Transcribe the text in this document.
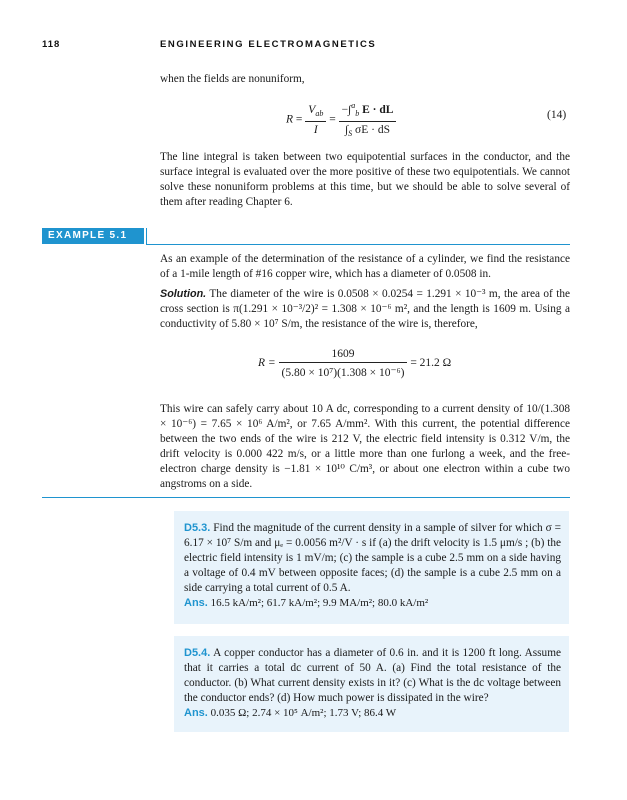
118	ENGINEERING ELECTROMAGNETICS

when the fields are nonuniform,

$R = \frac{V_{ab}}{I} = \frac{-\int^a_b E \cdot dL}{\int_S \sigma E \cdot dS}$	(14)

The line integral is taken between two equipotential surfaces in the conductor, and the surface integral is evaluated over the more positive of these two equipotentials. We cannot solve these nonuniform problems at this time, but we should be able to solve several of them after reading Chapter 6.

EXAMPLE 5.1

As an example of the determination of the resistance of a cylinder, we find the resistance of a 1-mile length of #16 copper wire, which has a diameter of 0.0508 in.

Solution. The diameter of the wire is 0.0508 × 0.0254 = 1.291 × 10⁻³ m, the area of the cross section is π(1.291 × 10⁻³/2)² = 1.308 × 10⁻⁶ m², and the length is 1609 m. Using a conductivity of 5.80 × 10⁷ S/m, the resistance of the wire is, therefore,

$R = \frac{1609}{\text{(5.80 × 10⁷)(1.308 × 10⁻⁶)}} = 21.2$ Ω

This wire can safely carry about 10 A dc, corresponding to a current density of 10/(1.308 × 10⁻⁶) = 7.65 × 10⁶ A/m², or 7.65 A/mm². With this current, the potential difference between the two ends of the wire is 212 V, the electric field intensity is 0.312 V/m, the drift velocity is 0.000 422 m/s, or a little more than one furlong a week, and the free-electron charge density is −1.81 × 10¹⁰ C/m³, or about one electron within a cube two angstroms on a side.

D5.3. Find the magnitude of the current density in a sample of silver for which σ = 6.17 × 10⁷ S/m and μₑ = 0.0056 m²/V · s if (a) the drift velocity is 1.5 μm/s ; (b) the electric field intensity is 1 mV/m; (c) the sample is a cube 2.5 mm on a side having a voltage of 0.4 mV between opposite faces; (d) the sample is a cube 2.5 mm on a side carrying a total current of 0.5 A.

Ans. 16.5 kA/m²; 61.7 kA/m²; 9.9 MA/m²; 80.0 kA/m²

D5.4. A copper conductor has a diameter of 0.6 in. and it is 1200 ft long. Assume that it carries a total dc current of 50 A. (a) Find the total resistance of the conductor. (b) What current density exists in it? (c) What is the dc voltage between the conductor ends? (d) How much power is dissipated in the wire?

Ans. 0.035 Ω; 2.74 × 10⁵ A/m²; 1.73 V; 86.4 W
